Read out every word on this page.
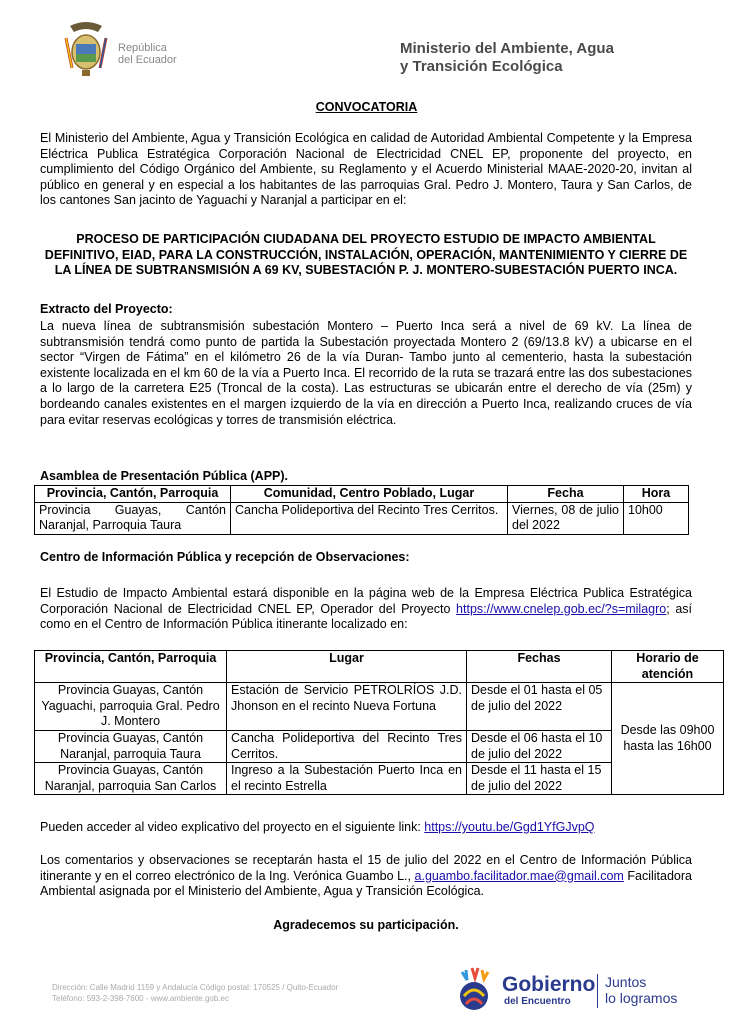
República
del Ecuador
Ministerio del Ambiente, Agua
y Transición Ecológica
CONVOCATORIA
El Ministerio del Ambiente, Agua y Transición Ecológica en calidad de Autoridad Ambiental Competente y la Empresa Eléctrica Publica Estratégica Corporación Nacional de Electricidad CNEL EP, proponente del proyecto, en cumplimiento del Código Orgánico del Ambiente, su Reglamento y el Acuerdo Ministerial MAAE-2020-20, invitan al público en general y en especial a los habitantes de las parroquias Gral. Pedro J. Montero, Taura y San Carlos, de los cantones San jacinto de Yaguachi y Naranjal a participar en el:
PROCESO DE PARTICIPACIÓN CIUDADANA DEL PROYECTO ESTUDIO DE IMPACTO AMBIENTAL DEFINITIVO, EIAD, PARA LA CONSTRUCCIÓN, INSTALACIÓN, OPERACIÓN, MANTENIMIENTO Y CIERRE DE LA LÍNEA DE SUBTRANSMISIÓN A 69 KV, SUBESTACIÓN P. J. MONTERO-SUBESTACIÓN PUERTO INCA.
Extracto del Proyecto:
La nueva línea de subtransmisión subestación Montero – Puerto Inca será a nivel de 69 kV. La línea de subtransmisión tendrá como punto de partida la Subestación proyectada Montero 2 (69/13.8 kV) a ubicarse en el sector “Virgen de Fátima” en el kilómetro 26 de la vía Duran- Tambo junto al cementerio, hasta la subestación existente localizada en el km 60 de la vía a Puerto Inca. El recorrido de la ruta se trazará entre las dos subestaciones a lo largo de la carretera E25 (Troncal de la costa). Las estructuras se ubicarán entre el derecho de vía (25m) y bordeando canales existentes en el margen izquierdo de la vía en dirección a Puerto Inca, realizando cruces de vía para evitar reservas ecológicas y torres de transmisión eléctrica.
Asamblea de Presentación Pública (APP).
Provincia, Cantón, Parroquia	Comunidad, Centro Poblado, Lugar	Fecha	Hora
Provincia Guayas, Cantón Naranjal, Parroquia Taura	Cancha Polideportiva del Recinto Tres Cerritos.	Viernes, 08 de julio del 2022	10h00
Centro de Información Pública y recepción de Observaciones:
El Estudio de Impacto Ambiental estará disponible en la página web de la Empresa Eléctrica Publica Estratégica Corporación Nacional de Electricidad CNEL EP, Operador del Proyecto https://www.cnelep.gob.ec/?s=milagro; así como en el Centro de Información Pública itinerante localizado en:
Provincia, Cantón, Parroquia	Lugar	Fechas	Horario de atención
Provincia Guayas, Cantón Yaguachi, parroquia Gral. Pedro J. Montero	Estación de Servicio PETROLRÍOS J.D. Jhonson en el recinto Nueva Fortuna	Desde el 01 hasta el 05 de julio del 2022	Desde las 09h00 hasta las 16h00
Provincia Guayas, Cantón Naranjal, parroquia Taura	Cancha Polideportiva del Recinto Tres Cerritos.	Desde el 06 hasta el 10 de julio del 2022	
Provincia Guayas, Cantón Naranjal, parroquia San Carlos	Ingreso a la Subestación Puerto Inca en el recinto Estrella	Desde el 11 hasta el 15 de julio del 2022	
Pueden acceder al video explicativo del proyecto en el siguiente link: https://youtu.be/Ggd1YfGJvpQ
Los comentarios y observaciones se receptarán hasta el 15 de julio del 2022 en el Centro de Información Pública itinerante y en el correo electrónico de la Ing. Verónica Guambo L., a.guambo.facilitador.mae@gmail.com Facilitadora Ambiental asignada por el Ministerio del Ambiente, Agua y Transición Ecológica.
Agradecemos su participación.
Dirección: Calle Madrid 1159 y Andalucía Código postal: 170525 / Quito-Ecuador
Teléfono: 593-2-398-7600 - www.ambiente.gob.ec
Gobierno
del Encuentro
Juntos
lo logramos
